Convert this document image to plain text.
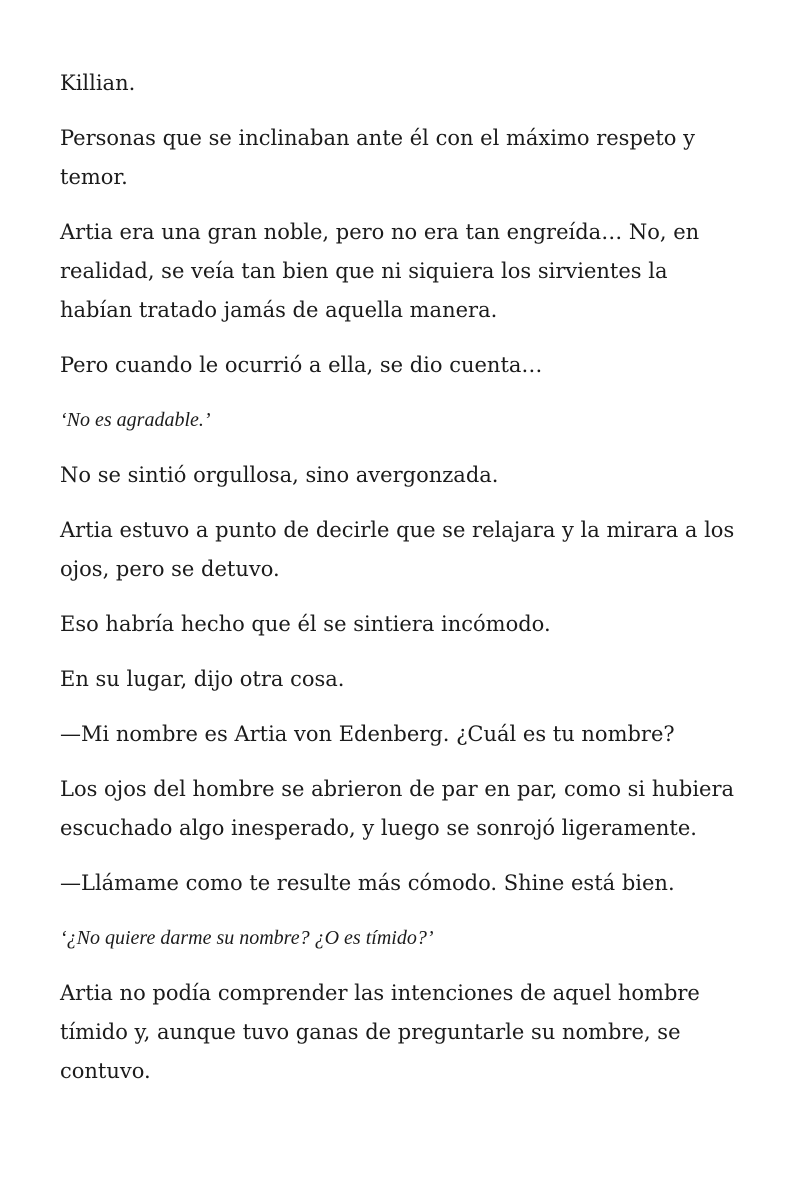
Killian.

Personas que se inclinaban ante él con el máximo respeto y temor.

Artia era una gran noble, pero no era tan engreída… No, en realidad, se veía tan bien que ni siquiera los sirvientes la habían tratado jamás de aquella manera.

Pero cuando le ocurrió a ella, se dio cuenta…

‘No es agradable.’

No se sintió orgullosa, sino avergonzada.

Artia estuvo a punto de decirle que se relajara y la mirara a los ojos, pero se detuvo.

Eso habría hecho que él se sintiera incómodo.

En su lugar, dijo otra cosa.

—Mi nombre es Artia von Edenberg. ¿Cuál es tu nombre?

Los ojos del hombre se abrieron de par en par, como si hubiera escuchado algo inesperado, y luego se sonrojó ligeramente.

—Llámame como te resulte más cómodo. Shine está bien.

‘¿No quiere darme su nombre? ¿O es tímido?’

Artia no podía comprender las intenciones de aquel hombre tímido y, aunque tuvo ganas de preguntarle su nombre, se contuvo.
